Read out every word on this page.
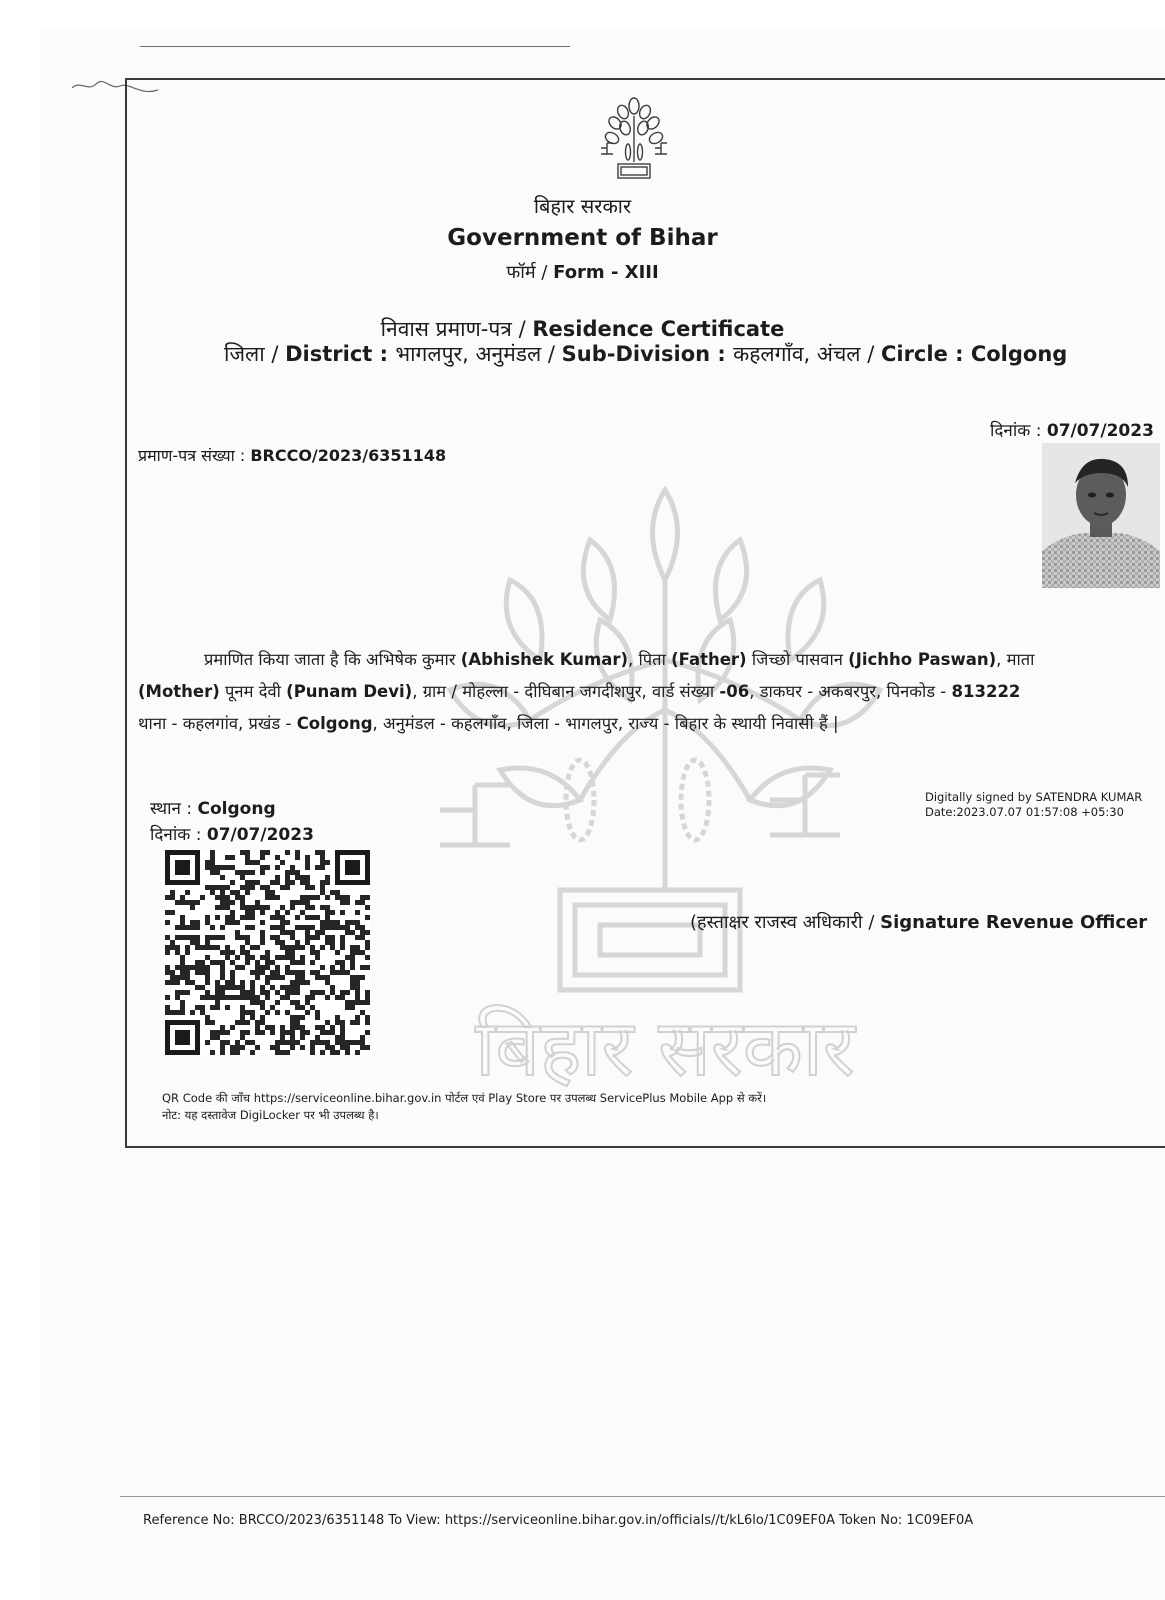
बिहार सरकार
Government of Bihar
फॉर्म / Form - XIII
निवास प्रमाण-पत्र / Residence Certificate
जिला / District : भागलपुर, अनुमंडल / Sub-Division : कहलगाँव, अंचल / Circle : Colgong
प्रमाण-पत्र संख्या : BRCCO/2023/6351148
दिनांक : 07/07/2023
बिहार सरकार

प्रमाणित किया जाता है कि अभिषेक कुमार (Abhishek Kumar), पिता (Father) जिच्छो पासवान (Jichho Paswan), माता

(Mother) पूनम देवी (Punam Devi), ग्राम / मोहल्ला - दीघिबान जगदीशपुर, वार्ड संख्या -06, डाकघर - अकबरपुर, पिनकोड - 813222

थाना - कहलगांव, प्रखंड - Colgong, अनुमंडल - कहलगाँव, जिला - भागलपुर, राज्य - बिहार के स्थायी निवासी हैं |

स्थान : Colgong
दिनांक : 07/07/2023
Digitally signed by SATENDRA KUMAR
Date:2023.07.07 01:57:08 +05:30
(हस्ताक्षर राजस्व अधिकारी / Signature Revenue Officer
QR Code की जाँच https://serviceonline.bihar.gov.in पोर्टल एवं Play Store पर उपलब्ध ServicePlus Mobile App से करें।
नोट: यह दस्तावेज DigiLocker पर भी उपलब्ध है।
Reference No: BRCCO/2023/6351148 To View: https://serviceonline.bihar.gov.in/officials//t/kL6lo/1C09EF0A Token No: 1C09EF0A
